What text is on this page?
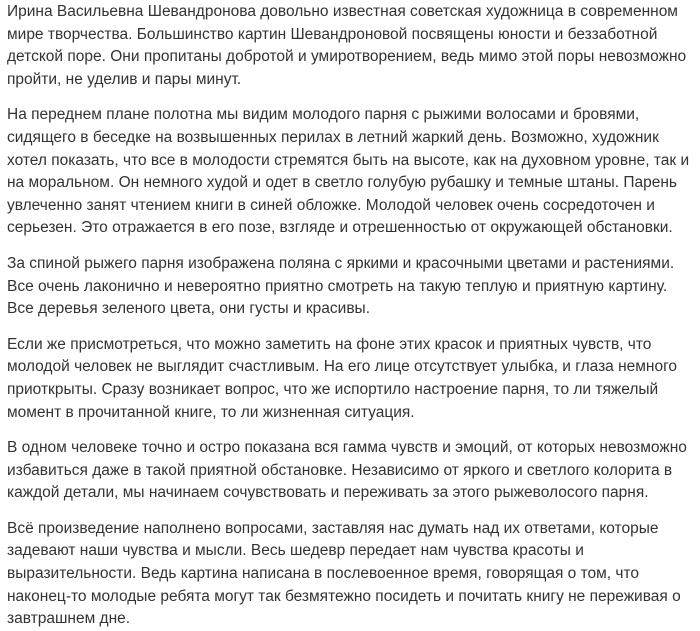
Ирина Васильевна Шевандронова довольно известная советская художница в современном мире творчества. Большинство картин Шевандроновой посвящены юности и беззаботной детской поре. Они пропитаны добротой и умиротворением, ведь мимо этой поры невозможно пройти, не уделив и пары минут.

На переднем плане полотна мы видим молодого парня с рыжими волосами и бровями, сидящего в беседке на возвышенных перилах в летний жаркий день. Возможно, художник хотел показать, что все в молодости стремятся быть на высоте, как на духовном уровне, так и на моральном. Он немного худой и одет в светло голубую рубашку и темные штаны. Парень увлеченно занят чтением книги в синей обложке. Молодой человек очень сосредоточен и серьезен. Это отражается в его позе, взгляде и отрешенностью от окружающей обстановки.

За спиной рыжего парня изображена поляна с яркими и красочными цветами и растениями. Все очень лаконично и невероятно приятно смотреть на такую теплую и приятную картину. Все деревья зеленого цвета, они густы и красивы.

Если же присмотреться, что можно заметить на фоне этих красок и приятных чувств, что молодой человек не выглядит счастливым. На его лице отсутствует улыбка, и глаза немного приоткрыты. Сразу возникает вопрос, что же испортило настроение парня, то ли тяжелый момент в прочитанной книге, то ли жизненная ситуация.

В одном человеке точно и остро показана вся гамма чувств и эмоций, от которых невозможно избавиться даже в такой приятной обстановке. Независимо от яркого и светлого колорита в каждой детали, мы начинаем сочувствовать и переживать за этого рыжеволосого парня.

Всё произведение наполнено вопросами, заставляя нас думать над их ответами, которые задевают наши чувства и мысли. Весь шедевр передает нам чувства красоты и выразительности. Ведь картина написана в послевоенное время, говорящая о том, что наконец-то молодые ребята могут так безмятежно посидеть и почитать книгу не переживая о завтрашнем дне.
